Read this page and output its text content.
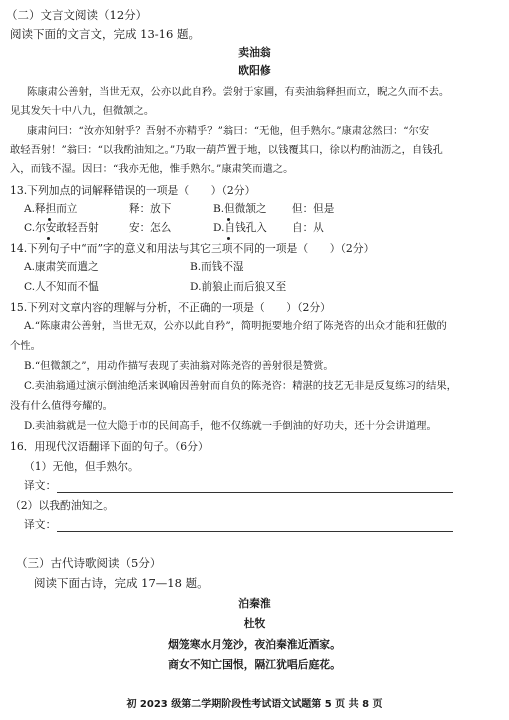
（二）文言文阅读（12分）
阅读下面的文言文，完成 13-16 题。
卖油翁
欧阳修
陈康肃公善射，当世无双，公亦以此自矜。尝射于家圃，有卖油翁释担而立，睨之久而不去。
见其发矢十中八九，但微颔之。
康肃问曰：“汝亦知射乎？吾射不亦精乎？”翁曰：“无他，但手熟尔。”康肃忿然曰：“尔安
敢轻吾射！”翁曰：“以我酌油知之。”乃取一葫芦置于地，以钱覆其口，徐以杓酌油沥之，自钱孔
入，而钱不湿。因曰：“我亦无他，惟手熟尔。”康肃笑而遣之。
13.下列加点的词解释错误的一项是（　　）（2分）
A.释担而立	释：放下	B.但微颔之 但：但是
C.尔安敢轻吾射	安：怎么	D.自钱孔入 自：从
14.下列句子中“而”字的意义和用法与其它三项不同的一项是（　　）（2分）
A.康肃笑而遣之	B.而钱不湿
C.人不知而不愠	D.前狼止而后狼又至
15.下列对文章内容的理解与分析，不正确的一项是（　　）（2分）
A.“陈康肃公善射，当世无双，公亦以此自矜”，简明扼要地介绍了陈尧咨的出众才能和狂傲的
个性。
B.“但微颔之”，用动作描写表现了卖油翁对陈尧咨的善射很是赞赏。
C.卖油翁通过演示倒油绝活来讽喻因善射而自负的陈尧咨：精湛的技艺无非是反复练习的结果，
没有什么值得夸耀的。
D.卖油翁就是一位大隐于市的民间高手，他不仅练就一手倒油的好功夫，还十分会讲道理。
16．用现代汉语翻译下面的句子。（6分）
（1）无他，但手熟尔。
译文：
（2）以我酌油知之。
译文：
（三）古代诗歌阅读（5分）
阅读下面古诗，完成 17—18 题。
泊秦淮
杜牧
烟笼寒水月笼沙，夜泊秦淮近酒家。
商女不知亡国恨，隔江犹唱后庭花。
初 2023 级第二学期阶段性考试语文试题第 5 页 共 8 页
